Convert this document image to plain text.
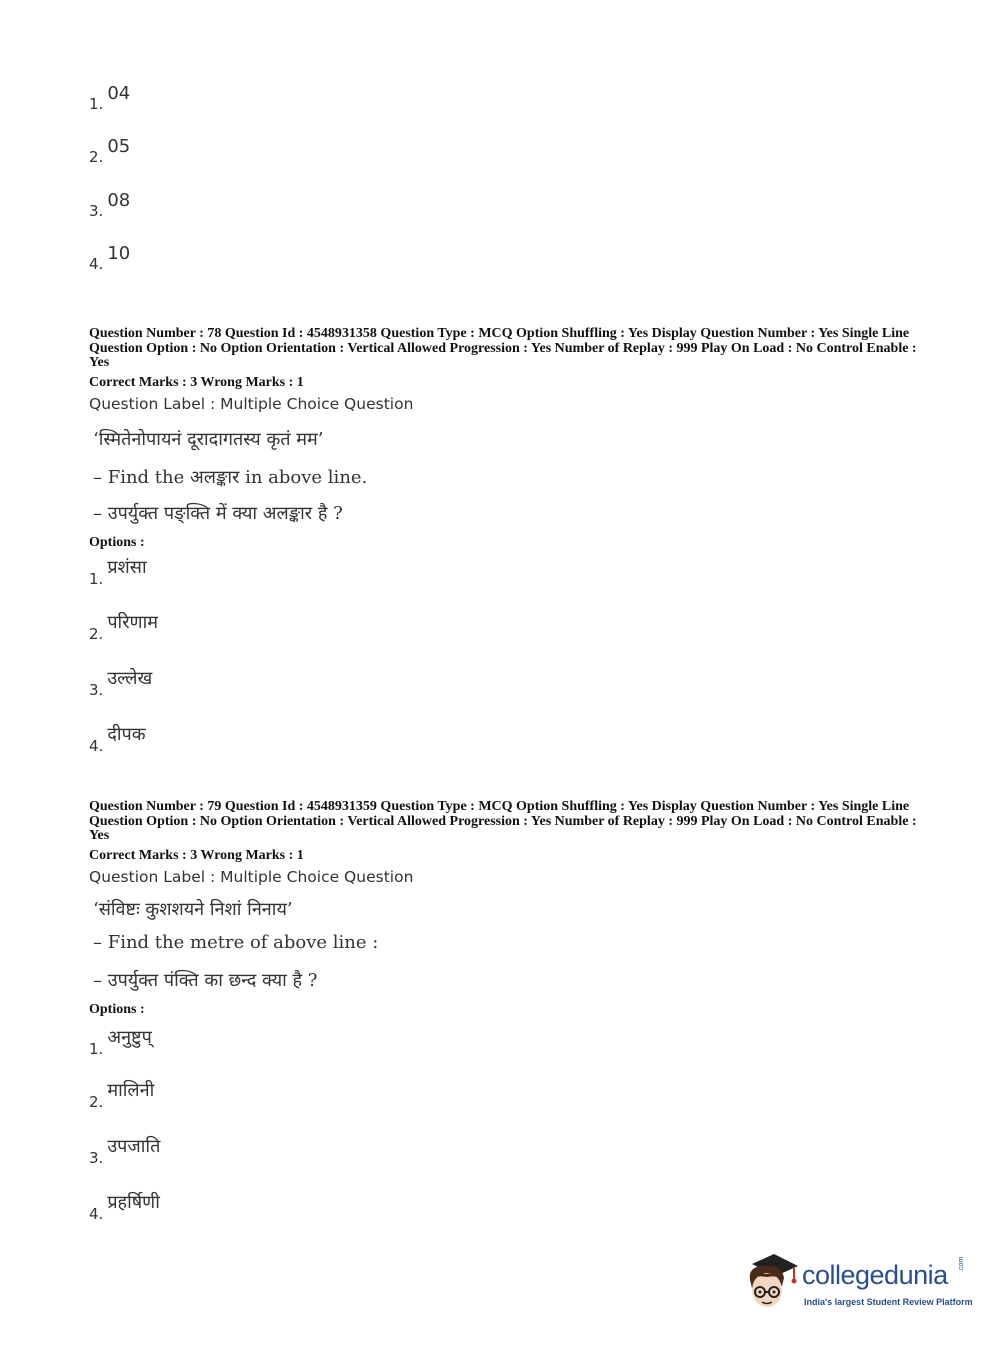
1. 04
2. 05
3. 08
4. 10
Question Number : 78 Question Id : 4548931358 Question Type : MCQ Option Shuffling : Yes Display Question Number : Yes Single Line Question Option : No Option Orientation : Vertical Allowed Progression : Yes Number of Replay : 999 Play On Load : No Control Enable : Yes
Correct Marks : 3 Wrong Marks : 1
Question Label : Multiple Choice Question
‘स्मितेनोपायनं दूरादागतस्य कृतं मम’
– Find the अलङ्कार in above line.
– उपर्युक्त पङ्क्ति में क्या अलङ्कार है ?
Options :
1.प्रशंसा
2.परिणाम
3.उल्लेख
4.दीपक
Question Number : 79 Question Id : 4548931359 Question Type : MCQ Option Shuffling : Yes Display Question Number : Yes Single Line Question Option : No Option Orientation : Vertical Allowed Progression : Yes Number of Replay : 999 Play On Load : No Control Enable : Yes
Correct Marks : 3 Wrong Marks : 1
Question Label : Multiple Choice Question
‘संविष्टः कुशशयने निशां निनाय’
– Find the metre of above line :
– उपर्युक्त पंक्ति का छन्द क्या है ?
Options :
1.अनुष्टुप्
2.मालिनी
3.उपजाति
4.प्रहर्षिणी
collegedunia .com
India's largest Student Review Platform
